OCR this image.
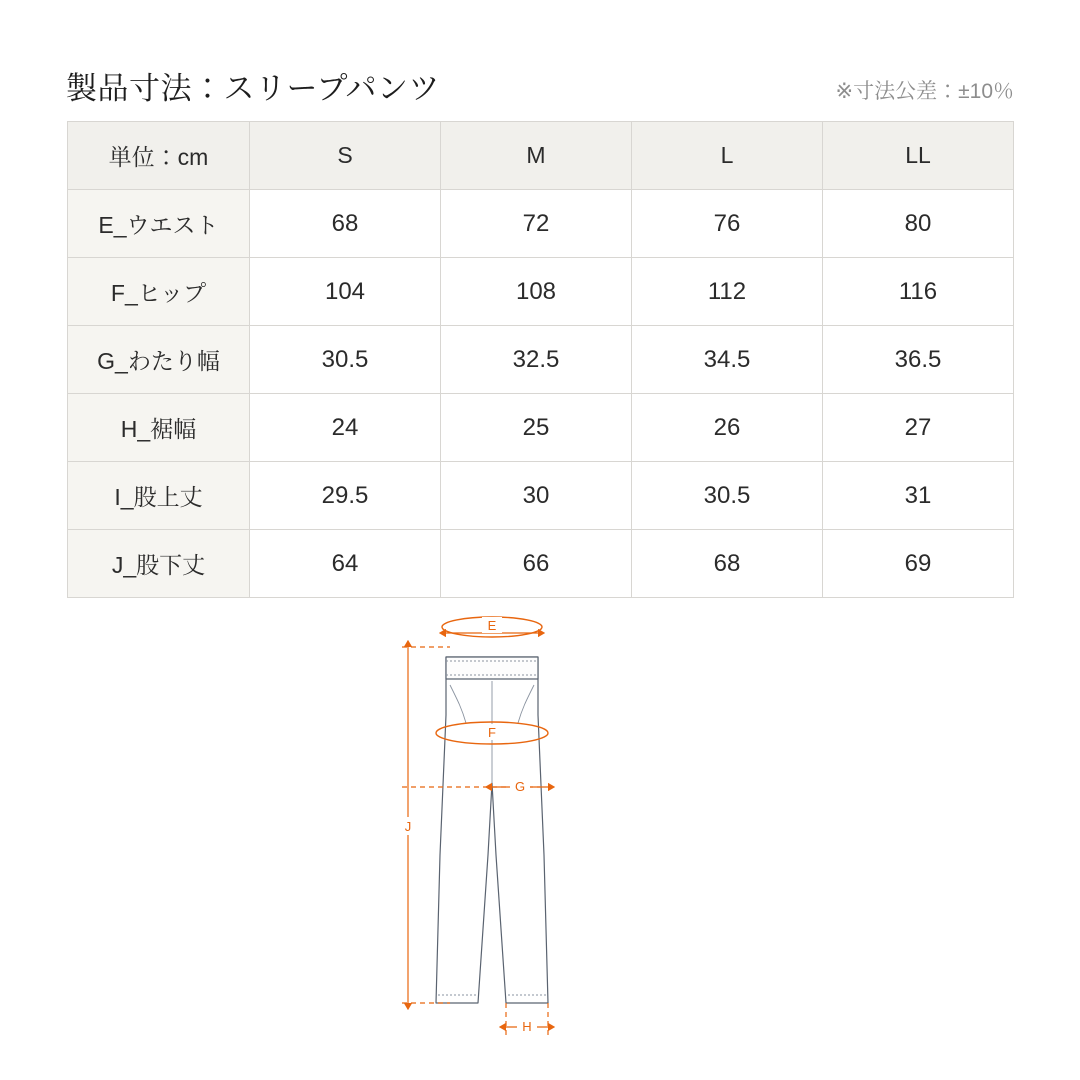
製品寸法：スリープパンツ	※寸法公差：±10％
単位：cm	S	M	L	LL
E_ウエスト	68	72	76	80
F_ヒップ	104	108	112	116
G_わたり幅	30.5	32.5	34.5	36.5
H_裾幅	24	25	26	27
I_股上丈	29.5	30	30.5	31
J_股下丈	64	66	68	69
E
F
G
H
J
